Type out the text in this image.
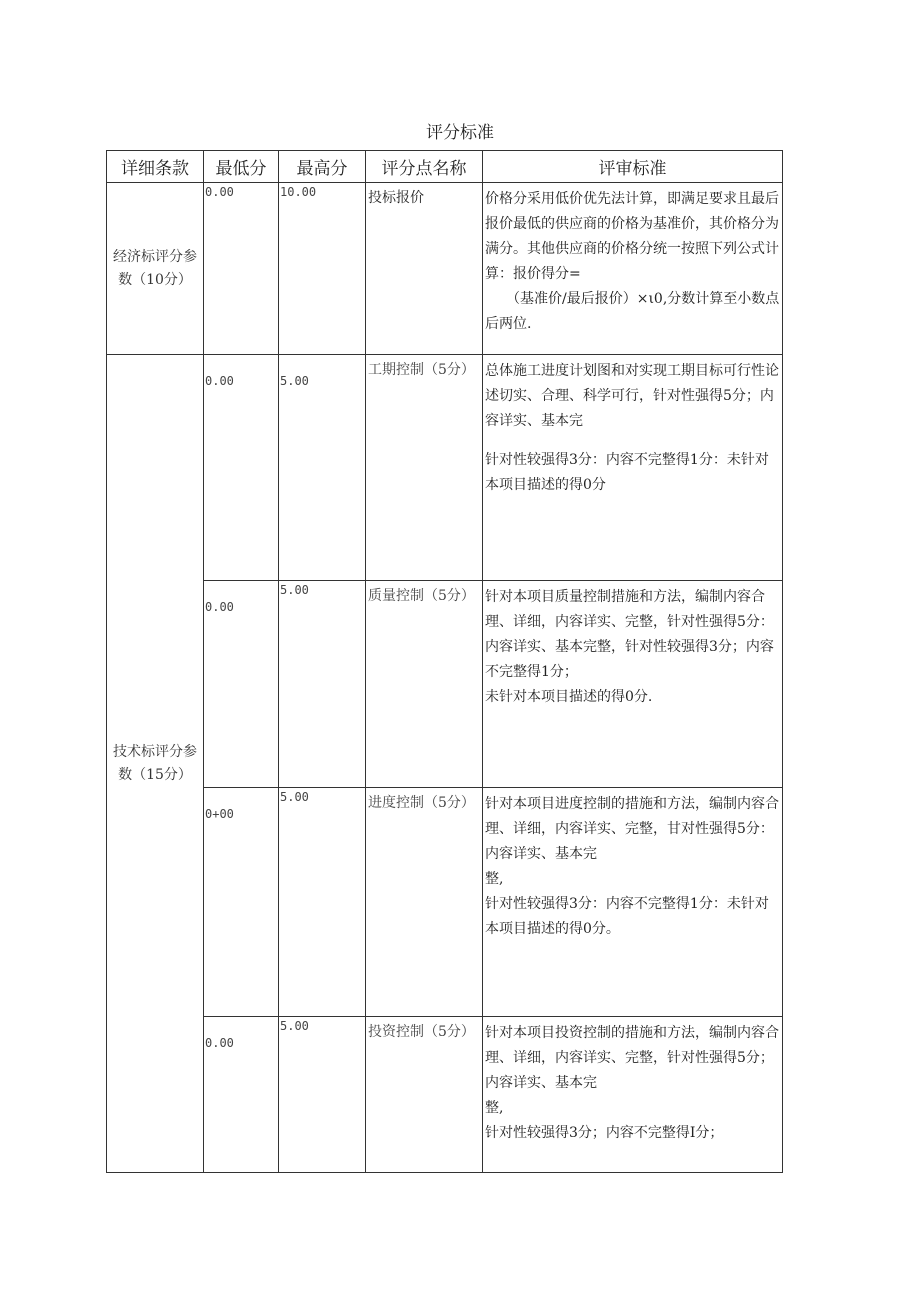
评分标准
详细条款	最低分	最高分	评分点名称	评审标准
经济标评分参数（10分）	0.00	10.00	投标报价	价格分采用低价优先法计算，即满足要求且最后报价最低的供应商的价格为基准价，其价格分为满分。其他供应商的价格分统一按照下列公式计算：报价得分=

（基准价/最后报价）×ι0,分数计算至小数点后两位.

技术标评分参数（15分）	0.00	5.00	工期控制（5分）	总体施工进度计划图和对实现工期目标可行性论述切实、合理、科学可行，针对性强得5分；内容详实、基本完

针对性较强得3分：内容不完整得1分：未针对本项目描述的得0分

	0.00	5.00	质量控制（5分）	针对本项目质量控制措施和方法，编制内容合理、详细，内容详实、完整，针对性强得5分：内容详实、基本完整，针对性较强得3分；内容不完整得1分；

未针对本项目描述的得0分.

	0+00	5.00	进度控制（5分）	针对本项目进度控制的措施和方法，编制内容合理、详细，内容详实、完整，甘对性强得5分：内容详实、基本完

整,

针对性较强得3分：内容不完整得1分：未针对本项目描述的得0分。

	0.00	5.00	投资控制（5分）	针对本项目投资控制的措施和方法，编制内容合理、详细，内容详实、完整，针对性强得5分；内容详实、基本完

整,

针对性较强得3分；内容不完整得I分；
